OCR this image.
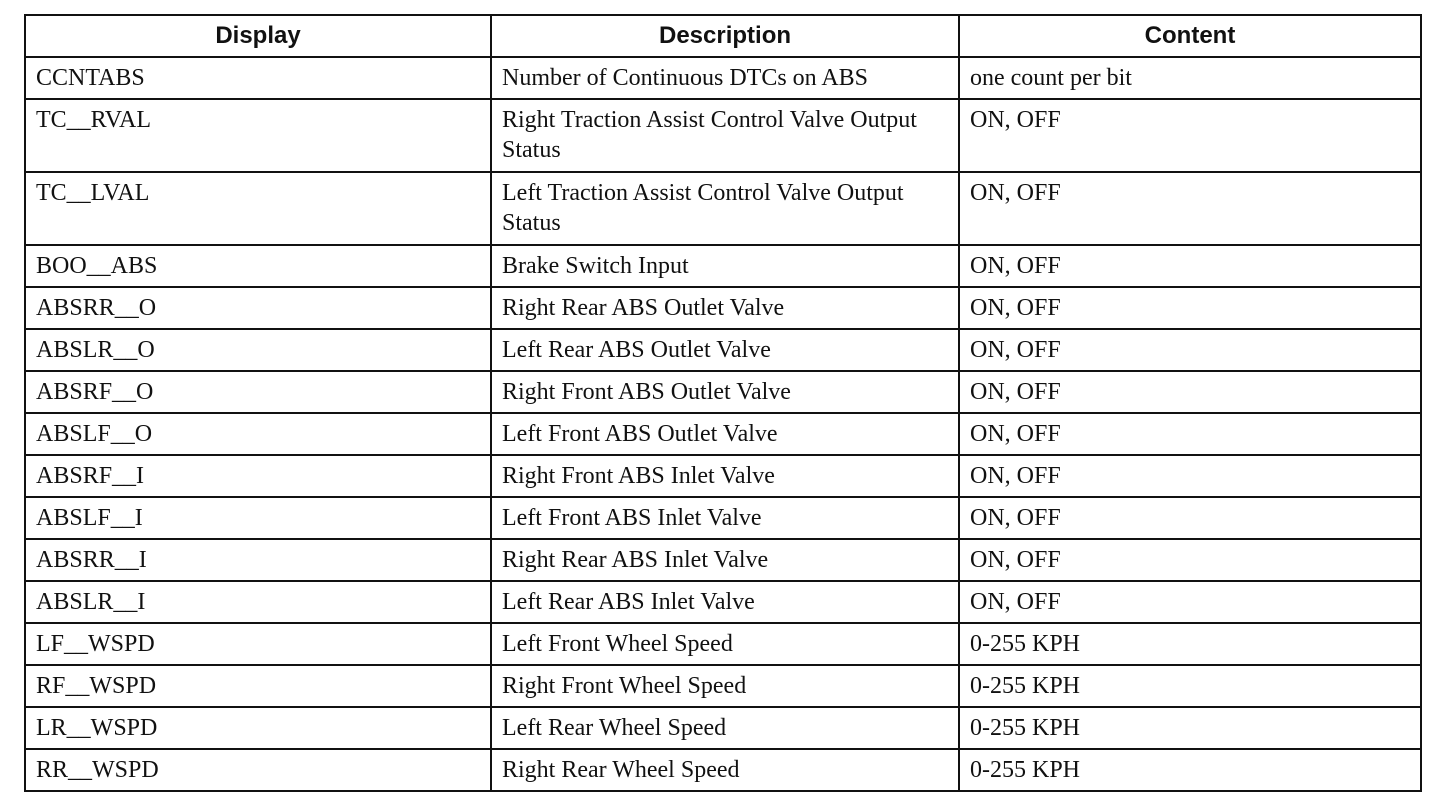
Display	Description	Content
CCNTABS	Number of Continuous DTCs on ABS	one count per bit
TC__RVAL	Right Traction Assist Control Valve Output Status	ON, OFF
TC__LVAL	Left Traction Assist Control Valve Output Status	ON, OFF
BOO__ABS	Brake Switch Input	ON, OFF
ABSRR__O	Right Rear ABS Outlet Valve	ON, OFF
ABSLR__O	Left Rear ABS Outlet Valve	ON, OFF
ABSRF__O	Right Front ABS Outlet Valve	ON, OFF
ABSLF__O	Left Front ABS Outlet Valve	ON, OFF
ABSRF__I	Right Front ABS Inlet Valve	ON, OFF
ABSLF__I	Left Front ABS Inlet Valve	ON, OFF
ABSRR__I	Right Rear ABS Inlet Valve	ON, OFF
ABSLR__I	Left Rear ABS Inlet Valve	ON, OFF
LF__WSPD	Left Front Wheel Speed	0-255 KPH
RF__WSPD	Right Front Wheel Speed	0-255 KPH
LR__WSPD	Left Rear Wheel Speed	0-255 KPH
RR__WSPD	Right Rear Wheel Speed	0-255 KPH
